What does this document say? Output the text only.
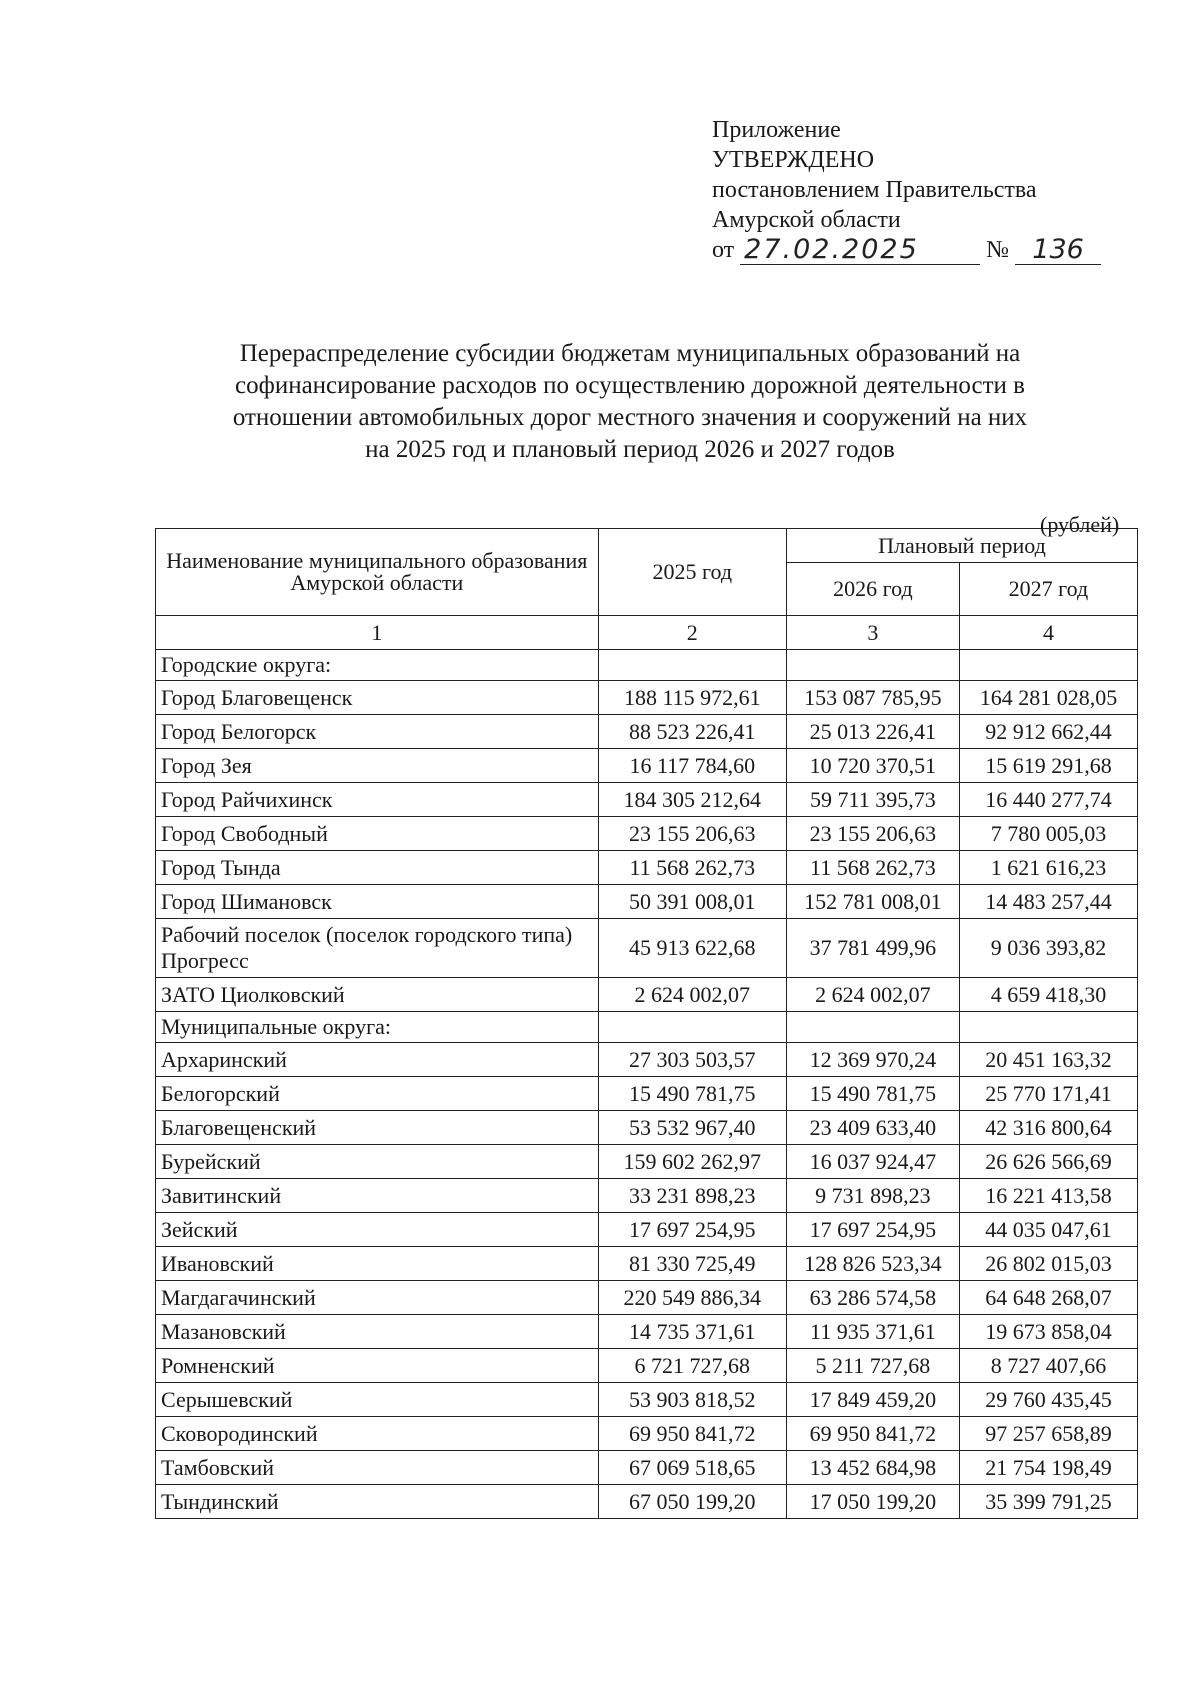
Приложение
УТВЕРЖДЕНО
постановлением Правительства
Амурской области
от 27.02.2025	№ 136
Перераспределение субсидии бюджетам муниципальных образований на
софинансирование расходов по осуществлению дорожной деятельности в
отношении автомобильных дорог местного значения и сооружений на них
на 2025 год и плановый период 2026 и 2027 годов
(рублей)
Наименование муниципального образования Амурской области	2025 год	Плановый период	
		2026 год	2027 год
1	2	3	4
Городские округа:			
Город Благовещенск	188 115 972,61	153 087 785,95	164 281 028,05
Город Белогорск	88 523 226,41	25 013 226,41	92 912 662,44
Город Зея	16 117 784,60	10 720 370,51	15 619 291,68
Город Райчихинск	184 305 212,64	59 711 395,73	16 440 277,74
Город Свободный	23 155 206,63	23 155 206,63	7 780 005,03
Город Тында	11 568 262,73	11 568 262,73	1 621 616,23
Город Шимановск	50 391 008,01	152 781 008,01	14 483 257,44
Рабочий поселок (поселок городского типа) Прогресс	45 913 622,68	37 781 499,96	9 036 393,82
ЗАТО Циолковский	2 624 002,07	2 624 002,07	4 659 418,30
Муниципальные округа:			
Архаринский	27 303 503,57	12 369 970,24	20 451 163,32
Белогорский	15 490 781,75	15 490 781,75	25 770 171,41
Благовещенский	53 532 967,40	23 409 633,40	42 316 800,64
Бурейский	159 602 262,97	16 037 924,47	26 626 566,69
Завитинский	33 231 898,23	9 731 898,23	16 221 413,58
Зейский	17 697 254,95	17 697 254,95	44 035 047,61
Ивановский	81 330 725,49	128 826 523,34	26 802 015,03
Магдагачинский	220 549 886,34	63 286 574,58	64 648 268,07
Мазановский	14 735 371,61	11 935 371,61	19 673 858,04
Ромненский	6 721 727,68	5 211 727,68	8 727 407,66
Серышевский	53 903 818,52	17 849 459,20	29 760 435,45
Сковородинский	69 950 841,72	69 950 841,72	97 257 658,89
Тамбовский	67 069 518,65	13 452 684,98	21 754 198,49
Тындинский	67 050 199,20	17 050 199,20	35 399 791,25
